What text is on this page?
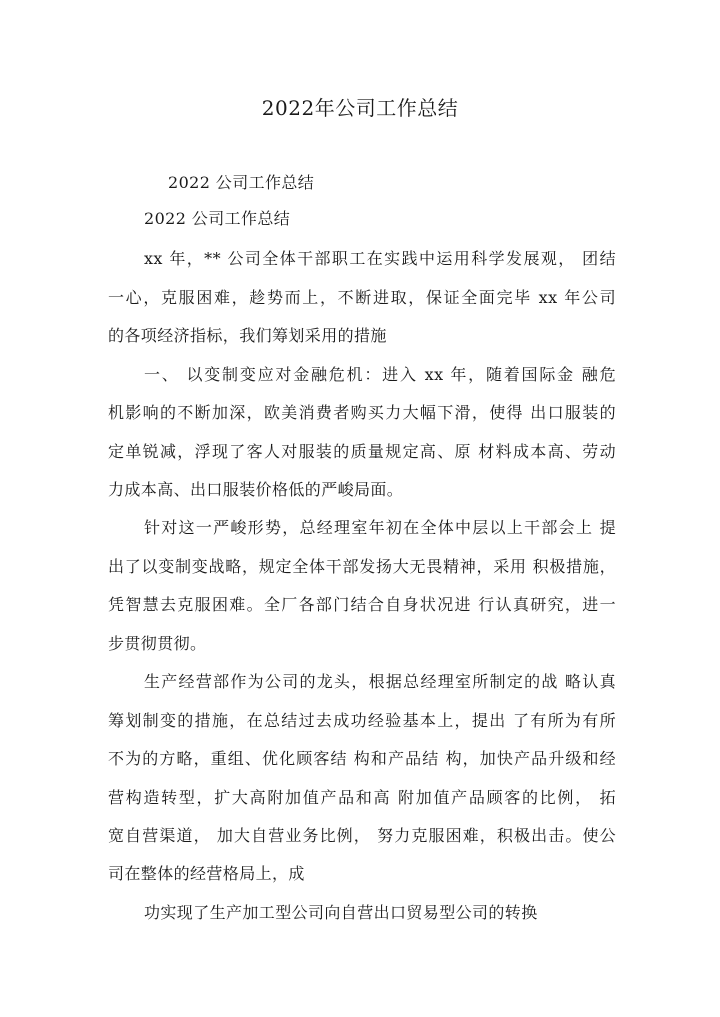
2022年公司工作总结
2022 公司工作总结
2022 公司工作总结
xx 年，** 公司全体干部职工在实践中运用科学发展观， 团结
一心，克服困难，趁势而上，不断进取，保证全面完毕 xx 年公司
的各项经济指标，我们筹划采用的措施
一、 以变制变应对金融危机：进入 xx 年，随着国际金 融危
机影响的不断加深，欧美消费者购买力大幅下滑，使得 出口服装的
定单锐减，浮现了客人对服装的质量规定高、原 材料成本高、劳动
力成本高、出口服装价格低的严峻局面。
针对这一严峻形势，总经理室年初在全体中层以上干部会上 提
出了以变制变战略，规定全体干部发扬大无畏精神，采用 积极措施，
凭智慧去克服困难。全厂各部门结合自身状况进 行认真研究，进一
步贯彻贯彻。
生产经营部作为公司的龙头，根据总经理室所制定的战 略认真
筹划制变的措施，在总结过去成功经验基本上，提出 了有所为有所
不为的方略，重组、优化顾客结 构和产品结 构，加快产品升级和经
营构造转型，扩大高附加值产品和高 附加值产品顾客的比例， 拓
宽自营渠道， 加大自营业务比例， 努力克服困难，积极出击。使公
司在整体的经营格局上，成
功实现了生产加工型公司向自营出口贸易型公司的转换
